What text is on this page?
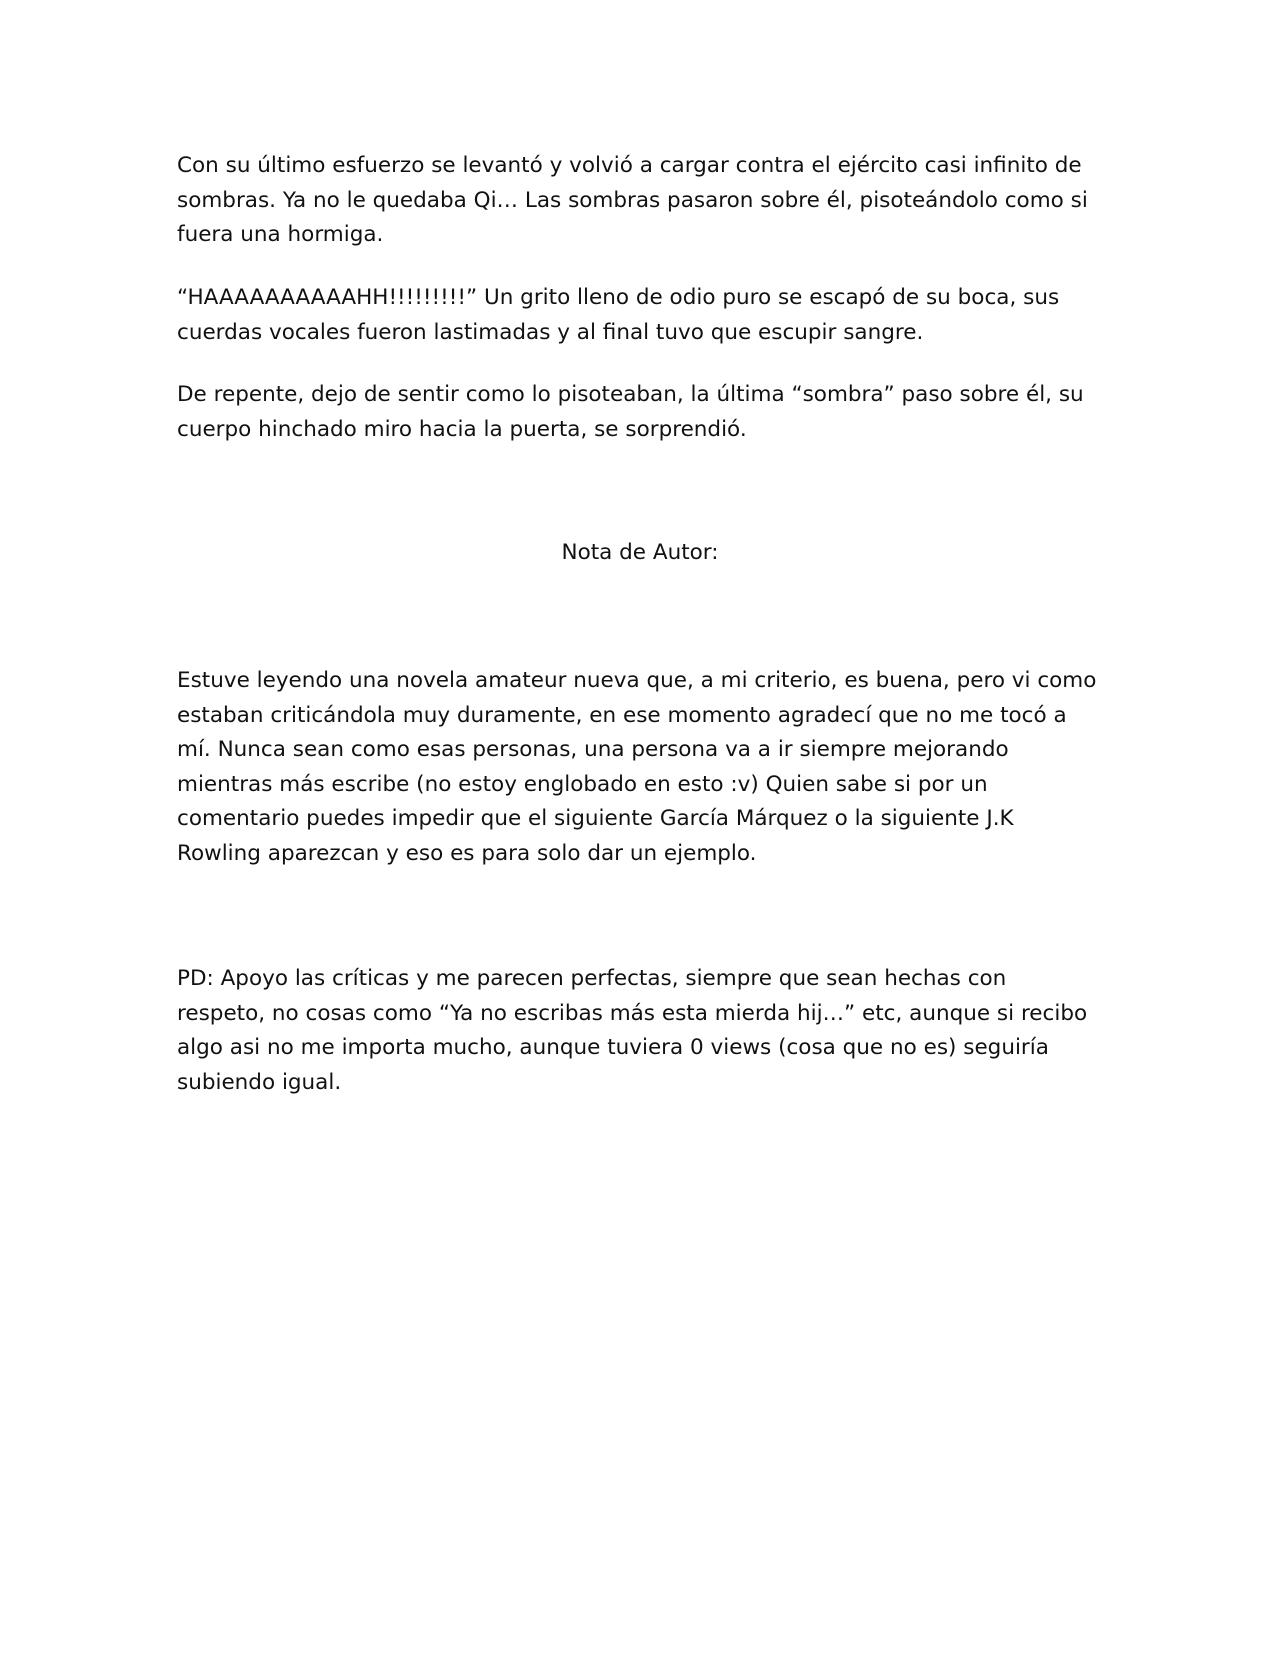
Con su último esfuerzo se levantó y volvió a cargar contra el ejército casi infinito de sombras. Ya no le quedaba Qi… Las sombras pasaron sobre él, pisoteándolo como si fuera una hormiga.

“HAAAAAAAAAAHH!!!!!!!!!” Un grito lleno de odio puro se escapó de su boca, sus cuerdas vocales fueron lastimadas y al final tuvo que escupir sangre.

De repente, dejo de sentir como lo pisoteaban, la última “sombra” paso sobre él, su cuerpo hinchado miro hacia la puerta, se sorprendió.

Nota de Autor:

Estuve leyendo una novela amateur nueva que, a mi criterio, es buena, pero vi como estaban criticándola muy duramente, en ese momento agradecí que no me tocó a mí. Nunca sean como esas personas, una persona va a ir siempre mejorando mientras más escribe (no estoy englobado en esto :v) Quien sabe si por un comentario puedes impedir que el siguiente García Márquez o la siguiente J.K Rowling aparezcan y eso es para solo dar un ejemplo.

PD: Apoyo las críticas y me parecen perfectas, siempre que sean hechas con respeto, no cosas como “Ya no escribas más esta mierda hij…” etc, aunque si recibo algo asi no me importa mucho, aunque tuviera 0 views (cosa que no es) seguiría subiendo igual.
